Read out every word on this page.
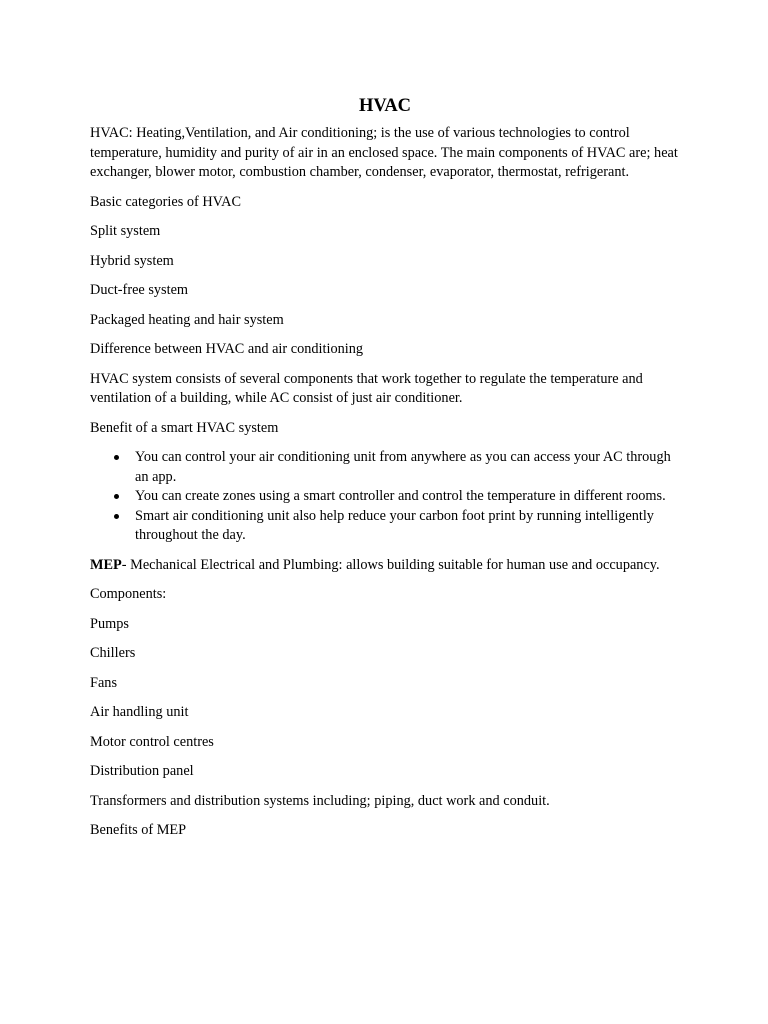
HVAC

HVAC: Heating,Ventilation, and Air conditioning; is the use of various technologies to control temperature, humidity and purity of air in an enclosed space. The main components of HVAC are; heat exchanger, blower motor, combustion chamber, condenser, evaporator, thermostat, refrigerant.

Basic categories of HVAC

Split system

Hybrid system

Duct-free system

Packaged heating and hair system

Difference between HVAC and air conditioning

HVAC system consists of several components that work together to regulate the temperature and ventilation of a building, while AC consist of just air conditioner.

Benefit of a smart HVAC system

You can control your air conditioning unit from anywhere as you can access your AC through an app.
You can create zones using a smart controller and control the temperature in different rooms.
Smart air conditioning unit also help reduce your carbon foot print by running intelligently throughout the day.

MEP- Mechanical Electrical and Plumbing: allows building suitable for human use and occupancy.

Components:

Pumps

Chillers

Fans

Air handling unit

Motor control centres

Distribution panel

Transformers and distribution systems including; piping, duct work and conduit.

Benefits of MEP
